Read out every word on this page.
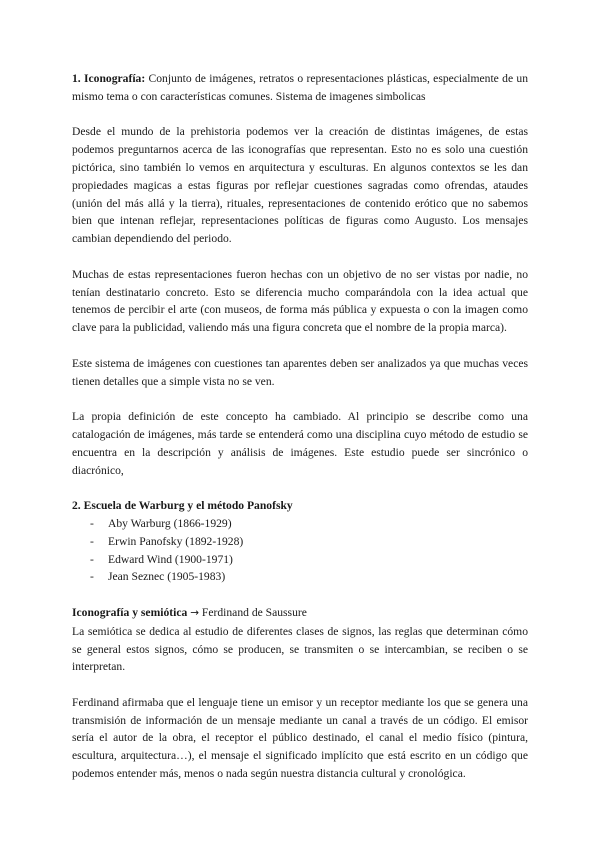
1. Iconografía: Conjunto de imágenes, retratos o representaciones plásticas, especialmente de un mismo tema o con características comunes. Sistema de imagenes simbolicas

Desde el mundo de la prehistoria podemos ver la creación de distintas imágenes, de estas podemos preguntarnos acerca de las iconografías que representan. Esto no es solo una cuestión pictórica, sino también lo vemos en arquitectura y esculturas. En algunos contextos se les dan propiedades magicas a estas figuras por reflejar cuestiones sagradas como ofrendas, ataudes (unión del más allá y la tierra), rituales, representaciones de contenido erótico que no sabemos bien que intenan reflejar, representaciones políticas de figuras como Augusto. Los mensajes cambian dependiendo del periodo.

Muchas de estas representaciones fueron hechas con un objetivo de no ser vistas por nadie, no tenían destinatario concreto. Esto se diferencia mucho comparándola con la idea actual que tenemos de percibir el arte (con museos, de forma más pública y expuesta o con la imagen como clave para la publicidad, valiendo más una figura concreta que el nombre de la propia marca).

Este sistema de imágenes con cuestiones tan aparentes deben ser analizados ya que muchas veces tienen detalles que a simple vista no se ven.

La propia definición de este concepto ha cambiado. Al principio se describe como una catalogación de imágenes, más tarde se entenderá como una disciplina cuyo método de estudio se encuentra en la descripción y análisis de imágenes. Este estudio puede ser sincrónico o diacrónico,

2. Escuela de Warburg y el método Panofsky

- Aby Warburg (1866-1929)
- Erwin Panofsky (1892-1928)
- Edward Wind (1900-1971)
- Jean Seznec (1905-1983)

Iconografía y semiótica → Ferdinand de Saussure

La semiótica se dedica al estudio de diferentes clases de signos, las reglas que determinan cómo se general estos signos, cómo se producen, se transmiten o se intercambian, se reciben o se interpretan.

Ferdinand afirmaba que el lenguaje tiene un emisor y un receptor mediante los que se genera una transmisión de información de un mensaje mediante un canal a través de un código. El emisor sería el autor de la obra, el receptor el público destinado, el canal el medio físico (pintura, escultura, arquitectura…), el mensaje el significado implícito que está escrito en un código que podemos entender más, menos o nada según nuestra distancia cultural y cronológica.
